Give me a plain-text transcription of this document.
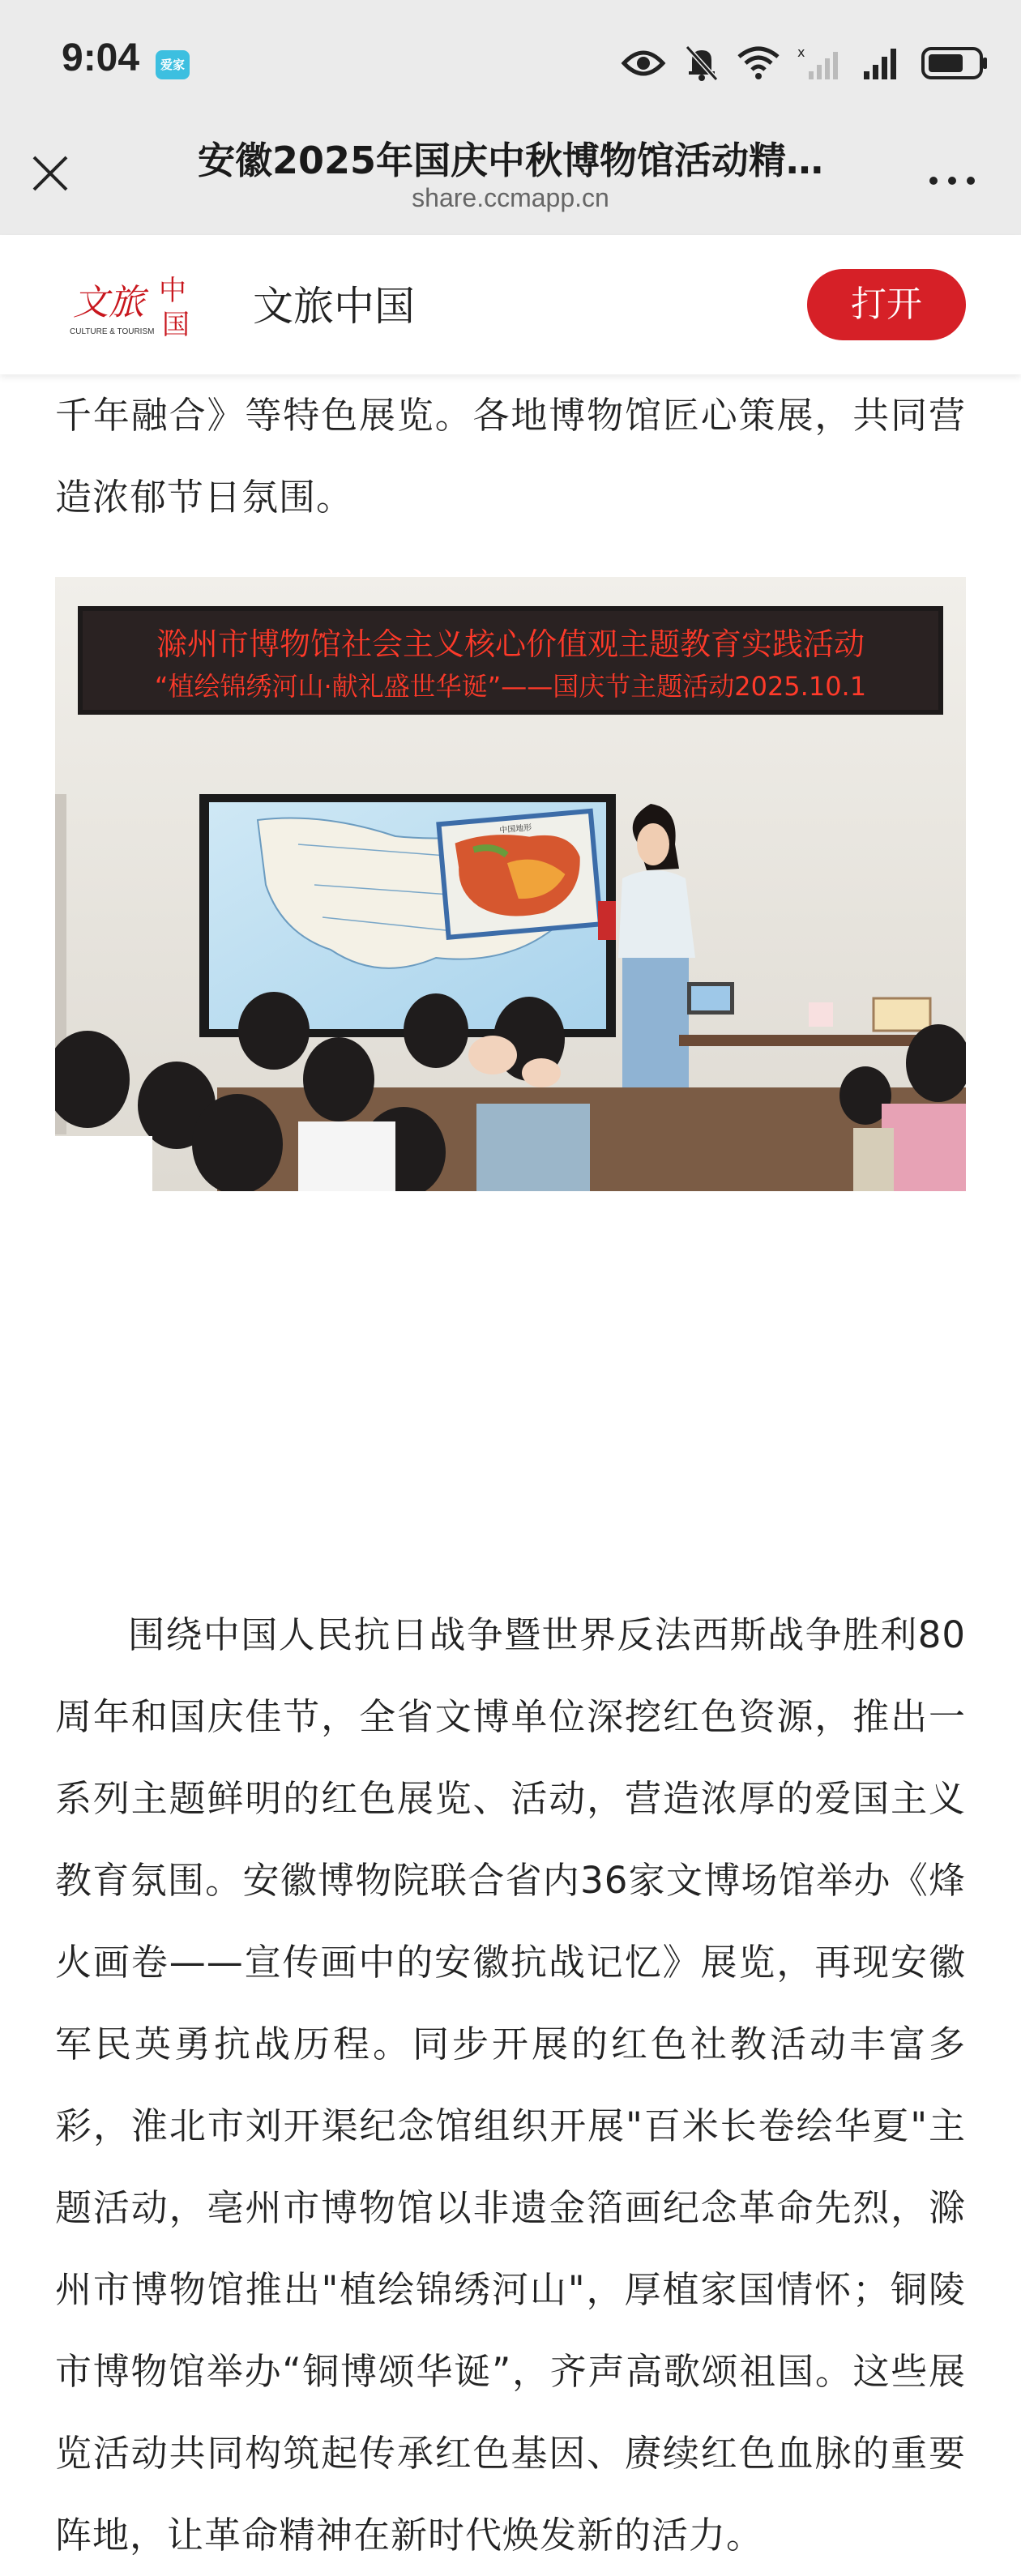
9:04	爱家
x
安徽2025年国庆中秋博物馆活动精…
share.ccmapp.cn
文旅 中
国
CULTURE & TOURISM
文旅中国	打开

千年融合》等特色展览。各地博物馆匠心策展，共同营造浓郁节日氛围。

滁州市博物馆社会主义核心价值观主题教育实践活动
“植绘锦绣河山·献礼盛世华诞”——国庆节主题活动2025.10.1
中国地形

围绕中国人民抗日战争暨世界反法西斯战争胜利80周年和国庆佳节，全省文博单位深挖红色资源，推出一系列主题鲜明的红色展览、活动，营造浓厚的爱国主义教育氛围。安徽博物院联合省内36家文博场馆举办《烽火画卷——宣传画中的安徽抗战记忆》展览，再现安徽军民英勇抗战历程。同步开展的红色社教活动丰富多彩，淮北市刘开渠纪念馆组织开展"百米长卷绘华夏"主题活动，亳州市博物馆以非遗金箔画纪念革命先烈，滁州市博物馆推出"植绘锦绣河山"，厚植家国情怀；铜陵市博物馆举办“铜博颂华诞”，齐声高歌颂祖国。这些展览活动共同构筑起传承红色基因、赓续红色血脉的重要阵地，让革命精神在新时代焕发新的活力。
